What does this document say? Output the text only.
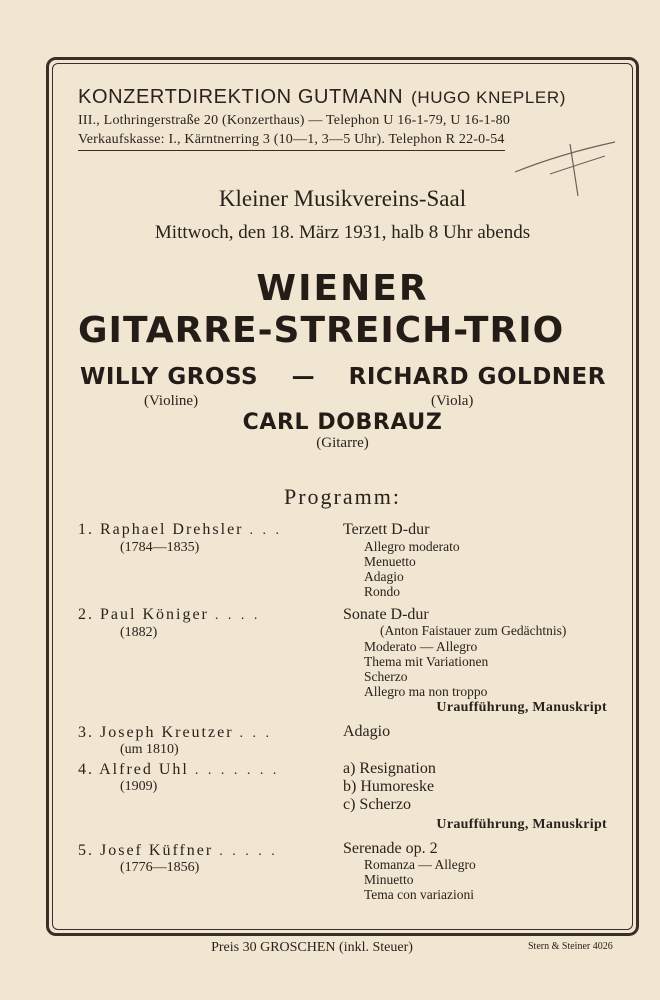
KONZERTDIREKTION GUTMANN (HUGO KNEPLER)
III., Lothringerstraße 20 (Konzerthaus) — Telephon U 16-1-79, U 16-1-80
Verkaufskasse: I., Kärntnerring 3 (10—1, 3—5 Uhr). Telephon R 22-0-54
Kleiner Musikvereins-Saal
Mittwoch, den 18. März 1931, halb 8 Uhr abends
WIENER
GITARRE-STREICH-TRIO
WILLY GROSS — RICHARD GOLDNER
(Violine)	(Viola)
CARL DOBRAUZ
(Gitarre)
Programm:
1. Raphael Drehsler . . .
(1784—1835)
Terzett D-dur
Allegro moderato
Menuetto
Adagio
Rondo
2. Paul Königer . . . .
(1882)
Sonate D-dur
(Anton Faistauer zum Gedächtnis)
Moderato — Allegro
Thema mit Variationen
Scherzo
Allegro ma non troppo
Uraufführung, Manuskript
3. Joseph Kreutzer . . .
(um 1810)
Adagio
4. Alfred Uhl . . . . . . .
(1909)
a) Resignation
b) Humoreske
c) Scherzo
Uraufführung, Manuskript
5. Josef Küffner . . . . .
(1776—1856)
Serenade op. 2
Romanza — Allegro
Minuetto
Tema con variazioni
Preis 30 GROSCHEN (inkl. Steuer)	Stern & Steiner 4026
